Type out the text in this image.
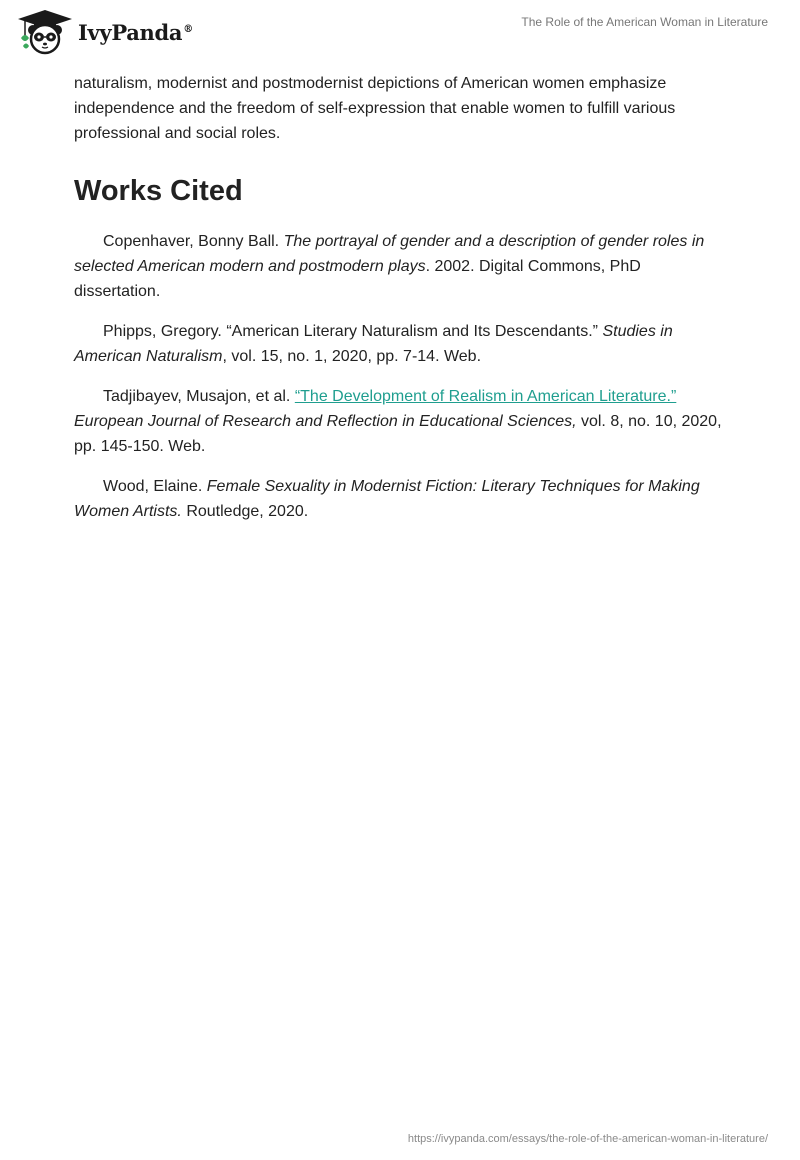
IvyPanda®	The Role of the American Woman in Literature

naturalism, modernist and postmodernist depictions of American women emphasize independence and the freedom of self-expression that enable women to fulfill various professional and social roles.

Works Cited

Copenhaver, Bonny Ball. The portrayal of gender and a description of gender roles in selected American modern and postmodern plays. 2002. Digital Commons, PhD dissertation.

Phipps, Gregory. “American Literary Naturalism and Its Descendants.” Studies in American Naturalism, vol. 15, no. 1, 2020, pp. 7-14. Web.

Tadjibayev, Musajon, et al. “The Development of Realism in American Literature.” European Journal of Research and Reflection in Educational Sciences, vol. 8, no. 10, 2020, pp. 145-150. Web.

Wood, Elaine. Female Sexuality in Modernist Fiction: Literary Techniques for Making Women Artists. Routledge, 2020.

https://ivypanda.com/essays/the-role-of-the-american-woman-in-literature/
